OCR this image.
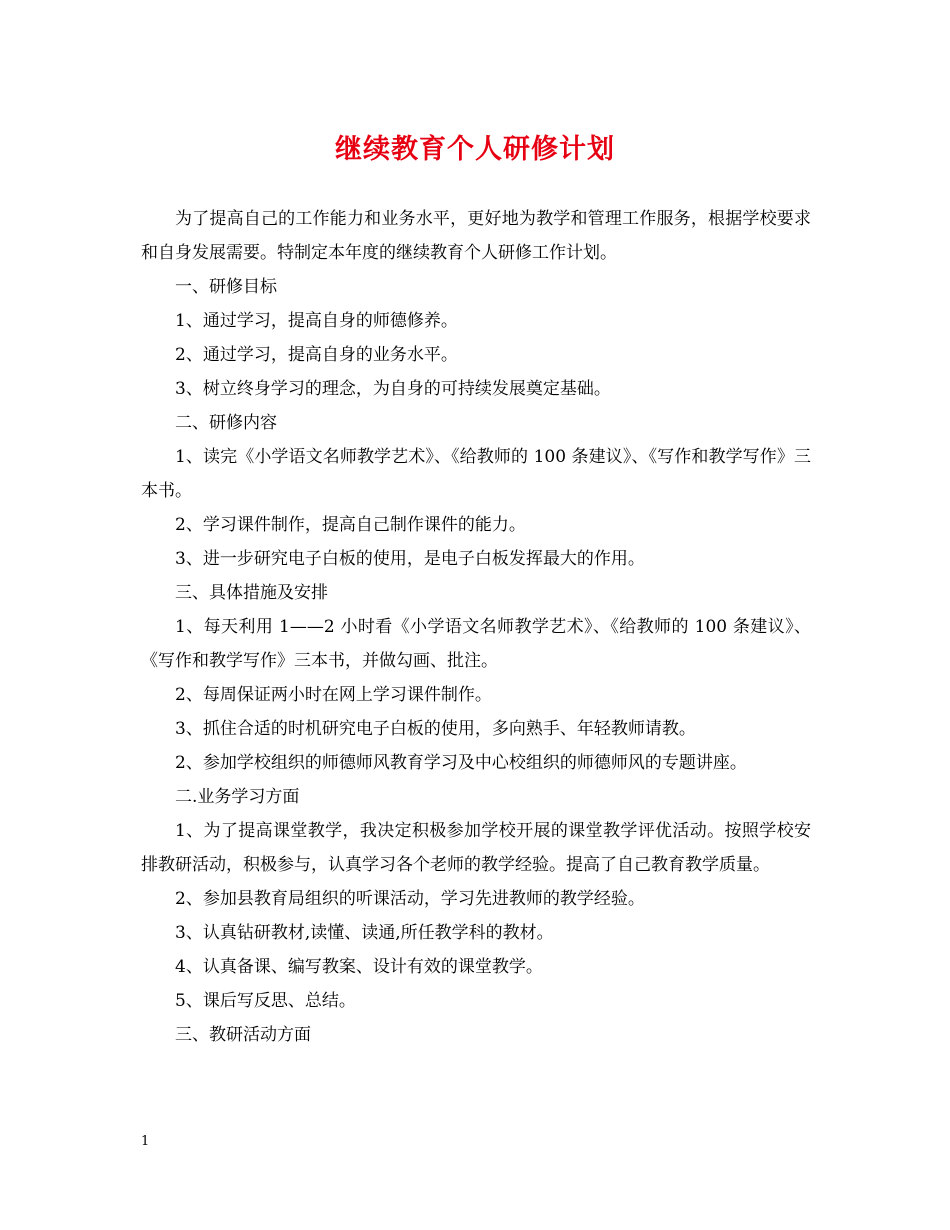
继续教育个人研修计划

为了提高自己的工作能力和业务水平，更好地为教学和管理工作服务，根据学校要求和自身发展需要。特制定本年度的继续教育个人研修工作计划。

一、研修目标

1、通过学习，提高自身的师德修养。

2、通过学习，提高自身的业务水平。

3、树立终身学习的理念，为自身的可持续发展奠定基础。

二、研修内容

1、读完《小学语文名师教学艺术》、《给教师的 100 条建议》、《写作和教学写作》三本书。

2、学习课件制作，提高自己制作课件的能力。

3、进一步研究电子白板的使用，是电子白板发挥最大的作用。

三、具体措施及安排

1、每天利用 1——2 小时看《小学语文名师教学艺术》、《给教师的 100 条建议》、《写作和教学写作》三本书，并做勾画、批注。

2、每周保证两小时在网上学习课件制作。

3、抓住合适的时机研究电子白板的使用，多向熟手、年轻教师请教。

2、参加学校组织的师德师风教育学习及中心校组织的师德师风的专题讲座。

二.业务学习方面

1、为了提高课堂教学，我决定积极参加学校开展的课堂教学评优活动。按照学校安排教研活动，积极参与，认真学习各个老师的教学经验。提高了自己教育教学质量。

2、参加县教育局组织的听课活动，学习先进教师的教学经验。

3、认真钻研教材,读懂、读通,所任教学科的教材。

4、认真备课、编写教案、设计有效的课堂教学。

5、课后写反思、总结。

三、教研活动方面

1
